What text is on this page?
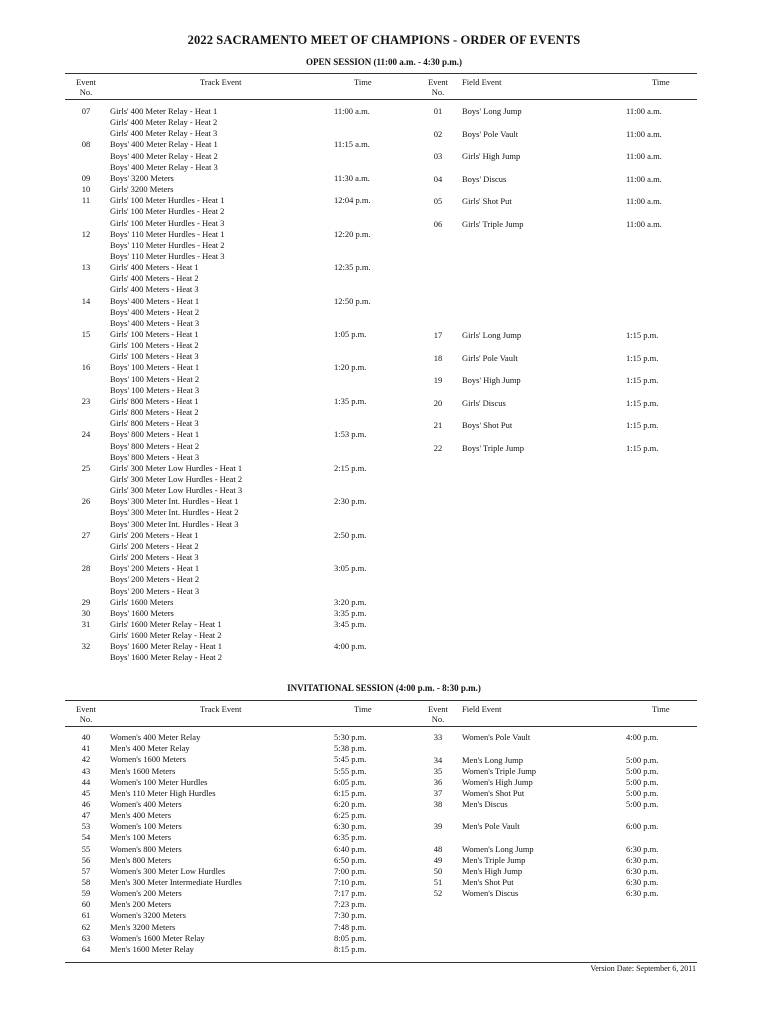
2022 SACRAMENTO MEET OF CHAMPIONS - ORDER OF EVENTS
OPEN SESSION (11:00 a.m. - 4:30 p.m.)
Event
No.
Track Event	Time	Event
No.
Field Event	Time
07	Girls' 400 Meter Relay - Heat 1	11:00 a.m.
Girls' 400 Meter Relay - Heat 2
Girls' 400 Meter Relay - Heat 3
08	Boys' 400 Meter Relay - Heat 1	11:15 a.m.
Boys' 400 Meter Relay - Heat 2
Boys' 400 Meter Relay - Heat 3
09	Boys' 3200 Meters	11:30 a.m.
10	Girls' 3200 Meters
11	Girls' 100 Meter Hurdles - Heat 1	12:04 p.m.
Girls' 100 Meter Hurdles - Heat 2
Girls' 100 Meter Hurdles - Heat 3
12	Boys' 110 Meter Hurdles - Heat 1	12:20 p.m.
Boys' 110 Meter Hurdles - Heat 2
Boys' 110 Meter Hurdles - Heat 3
13	Girls' 400 Meters - Heat 1	12:35 p.m.
Girls' 400 Meters - Heat 2
Girls' 400 Meters - Heat 3
14	Boys' 400 Meters - Heat 1	12:50 p.m.
Boys' 400 Meters - Heat 2
Boys' 400 Meters - Heat 3
15	Girls' 100 Meters - Heat 1	1:05 p.m.
Girls' 100 Meters - Heat 2
Girls' 100 Meters - Heat 3
16	Boys' 100 Meters - Heat 1	1:20 p.m.
Boys' 100 Meters - Heat 2
Boys' 100 Meters - Heat 3
23	Girls' 800 Meters - Heat 1	1:35 p.m.
Girls' 800 Meters - Heat 2
Girls' 800 Meters - Heat 3
24	Boys' 800 Meters - Heat 1	1:53 p.m.
Boys' 800 Meters - Heat 2
Boys' 800 Meters - Heat 3
25	Girls' 300 Meter Low Hurdles - Heat 1	2:15 p.m.
Girls' 300 Meter Low Hurdles - Heat 2
Girls' 300 Meter Low Hurdles - Heat 3
26	Boys' 300 Meter Int. Hurdles - Heat 1	2:30 p.m.
Boys' 300 Meter Int. Hurdles - Heat 2
Boys' 300 Meter Int. Hurdles - Heat 3
27	Girls' 200 Meters - Heat 1	2:50 p.m.
Girls' 200 Meters - Heat 2
Girls' 200 Meters - Heat 3
28	Boys' 200 Meters - Heat 1	3:05 p.m.
Boys' 200 Meters - Heat 2
Boys' 200 Meters - Heat 3
29	Girls' 1600 Meters	3:20 p.m.
30	Boys' 1600 Meters	3:35 p.m.
31	Girls' 1600 Meter Relay - Heat 1	3:45 p.m.
Girls' 1600 Meter Relay - Heat 2
32	Boys' 1600 Meter Relay - Heat 1	4:00 p.m.
Boys' 1600 Meter Relay - Heat 2
01	Boys' Long Jump	11:00 a.m.
02	Boys' Pole Vault	11:00 a.m.
03	Girls' High Jump	11:00 a.m.
04	Boys' Discus	11:00 a.m.
05	Girls' Shot Put	11:00 a.m.
06	Girls' Triple Jump	11:00 a.m.
17	Girls' Long Jump	1:15 p.m.
18	Girls' Pole Vault	1:15 p.m.
19	Boys' High Jump	1:15 p.m.
20	Girls' Discus	1:15 p.m.
21	Boys' Shot Put	1:15 p.m.
22	Boys' Triple Jump	1:15 p.m.
INVITATIONAL SESSION (4:00 p.m. - 8:30 p.m.)
Event
No.
Track Event	Time	Event
No.
Field Event	Time
40	Women's 400 Meter Relay	5:30 p.m.
41	Men's 400 Meter Relay	5:38 p.m.
42	Women's 1600 Meters	5:45 p.m.
43	Men's 1600 Meters	5:55 p.m.
44	Women's 100 Meter Hurdles	6:05 p.m.
45	Men's 110 Meter High Hurdles	6:15 p.m.
46	Women's 400 Meters	6:20 p.m.
47	Men's 400 Meters	6:25 p.m.
53	Women's 100 Meters	6:30 p.m.
54	Men's 100 Meters	6:35 p.m.
55	Women's 800 Meters	6:40 p.m.
56	Men's 800 Meters	6:50 p.m.
57	Women's 300 Meter Low Hurdles	7:00 p.m.
58	Men's 300 Meter Intermediate Hurdles	7:10 p.m.
59	Women's 200 Meters	7:17 p.m.
60	Men's 200 Meters	7:23 p.m.
61	Women's 3200 Meters	7:30 p.m.
62	Men's 3200 Meters	7:48 p.m.
63	Women's 1600 Meter Relay	8:05 p.m.
64	Men's 1600 Meter Relay	8:15 p.m.
33	Women's Pole Vault	4:00 p.m.
34	Men's Long Jump	5:00 p.m.
35	Women's Triple Jump	5:00 p.m.
36	Women's High Jump	5:00 p.m.
37	Women's Shot Put	5:00 p.m.
38	Men's Discus	5:00 p.m.
39	Men's Pole Vault	6:00 p.m.
48	Women's Long Jump	6:30 p.m.
49	Men's Triple Jump	6:30 p.m.
50	Men's High Jump	6:30 p.m.
51	Men's Shot Put	6:30 p.m.
52	Women's Discus	6:30 p.m.
Version Date: September 6, 2011
